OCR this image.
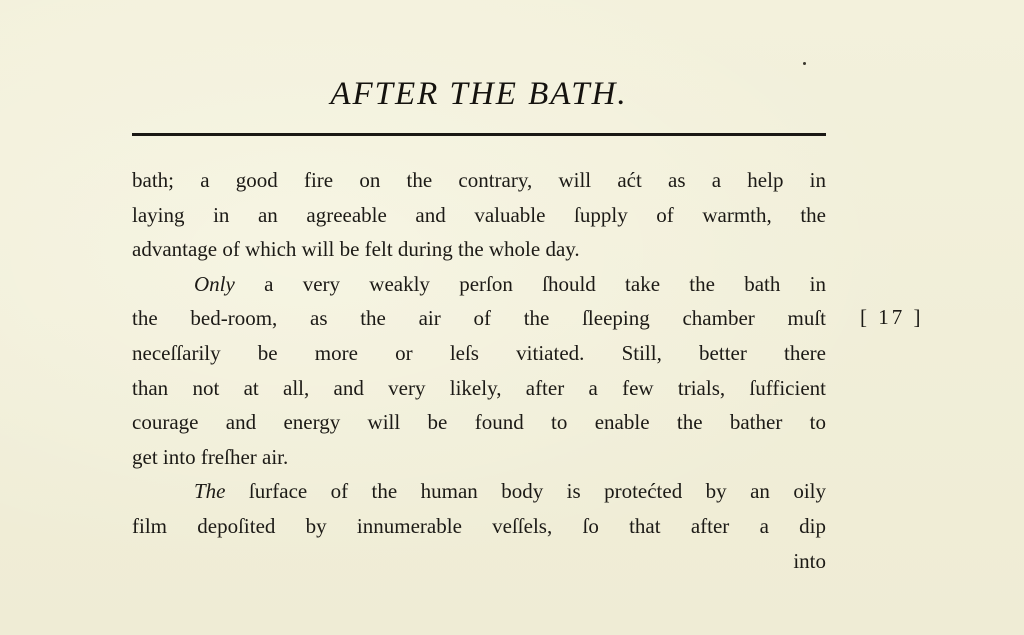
AFTER THE BATH.
bath; a good fire on the contrary, will aćt as a help in
laying in an agreeable and valuable ſupply of warmth, the
advantage of which will be felt during the whole day.
Only a very weakly perſon ſhould take the bath in
the bed-room, as the air of the ſleeping chamber muſt
neceſſarily be more or leſs vitiated. Still, better there
than not at all, and very likely, after a few trials, ſufficient
courage and energy will be found to enable the bather to
get into freſher air.
The ſurface of the human body is protećted by an oily
film depoſited by innumerable veſſels, ſo that after a dip
into
[ 17 ]
